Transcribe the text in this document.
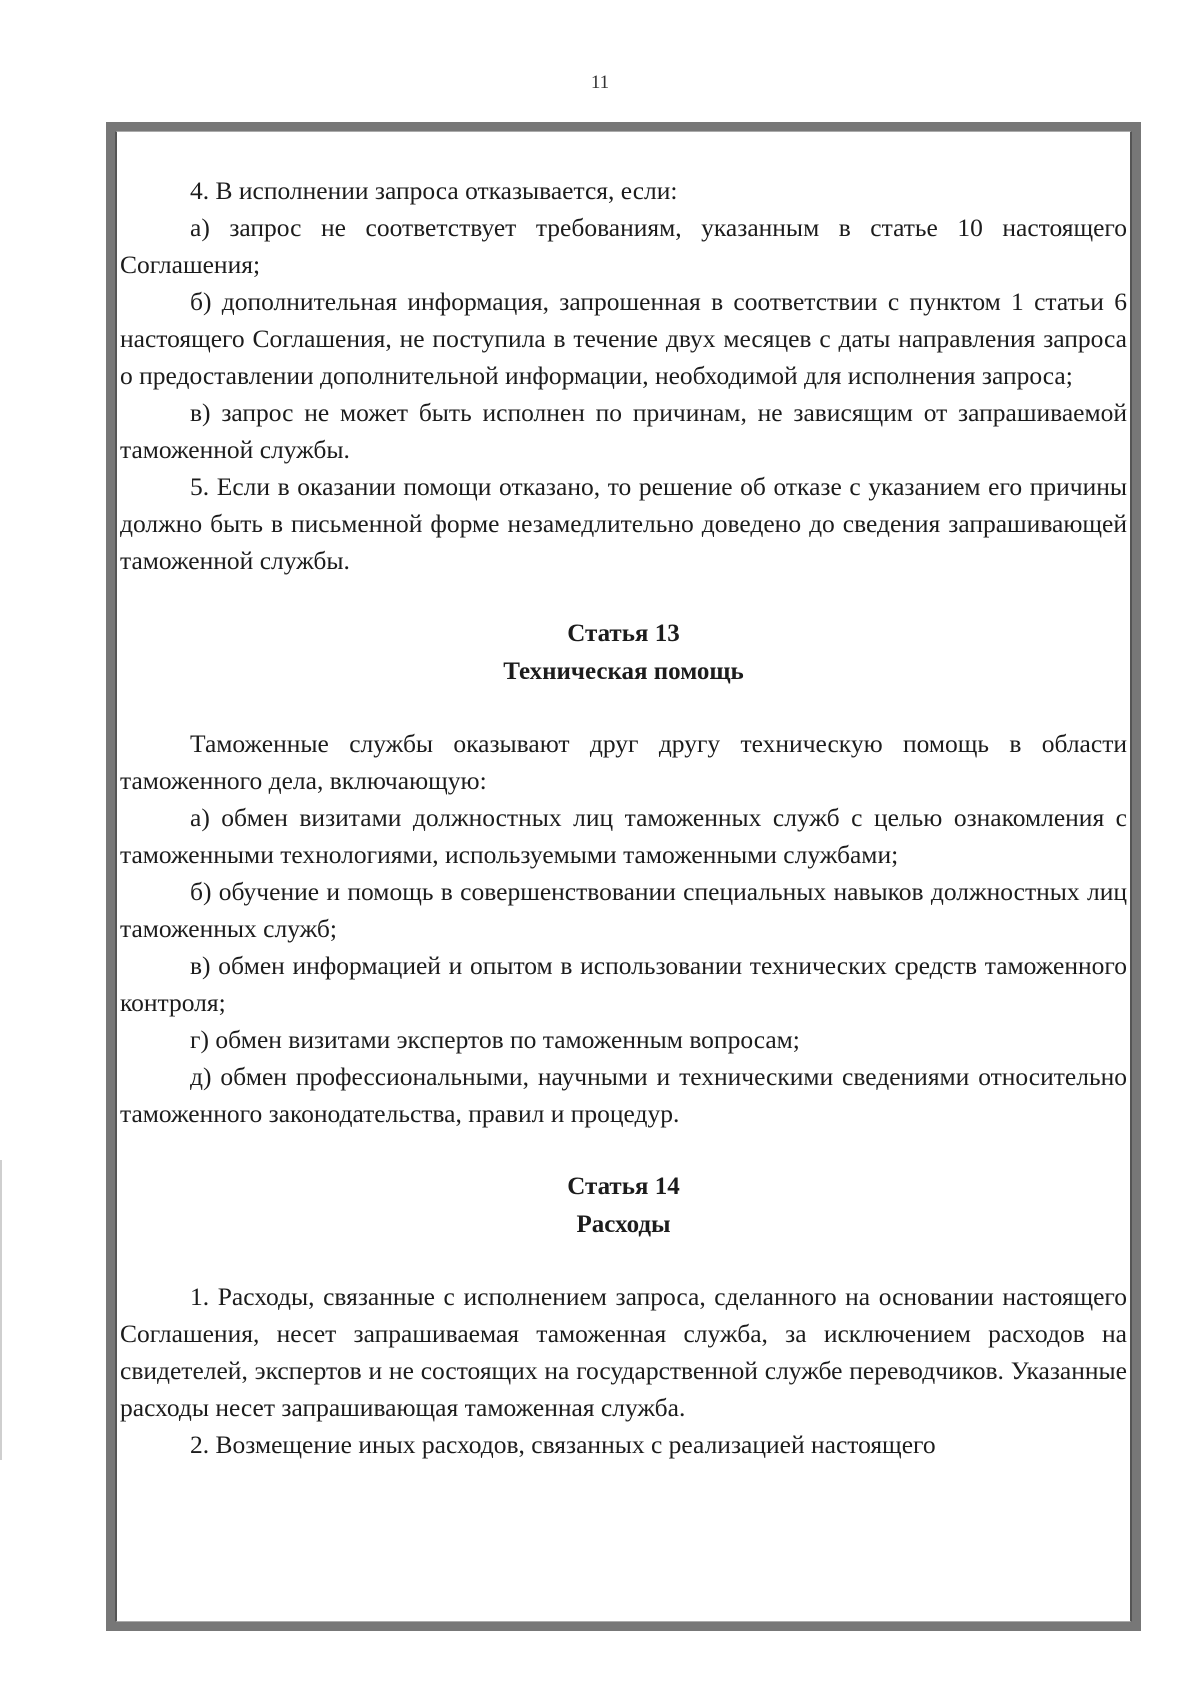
11

4. В исполнении запроса отказывается, если:

а) запрос не соответствует требованиям, указанным в статье 10 настоящего Соглашения;

б) дополнительная информация, запрошенная в соответствии с пунктом 1 статьи 6 настоящего Соглашения, не поступила в течение двух месяцев с даты направления запроса о предоставлении дополнительной информации, необходимой для исполнения запроса;

в) запрос не может быть исполнен по причинам, не зависящим от запрашиваемой таможенной службы.

5. Если в оказании помощи отказано, то решение об отказе с указанием его причины должно быть в письменной форме незамедлительно доведено до сведения запрашивающей таможенной службы.

Статья 13
Техническая помощь

Таможенные службы оказывают друг другу техническую помощь в области таможенного дела, включающую:

а) обмен визитами должностных лиц таможенных служб с целью ознакомления с таможенными технологиями, используемыми таможенными службами;

б) обучение и помощь в совершенствовании специальных навыков должностных лиц таможенных служб;

в) обмен информацией и опытом в использовании технических средств таможенного контроля;

г) обмен визитами экспертов по таможенным вопросам;

д) обмен профессиональными, научными и техническими сведениями относительно таможенного законодательства, правил и процедур.

Статья 14
Расходы

1. Расходы, связанные с исполнением запроса, сделанного на основании настоящего Соглашения, несет запрашиваемая таможенная служба, за исключением расходов на свидетелей, экспертов и не состоящих на государственной службе переводчиков. Указанные расходы несет запрашивающая таможенная служба.

2. Возмещение иных расходов, связанных с реализацией настоящего
